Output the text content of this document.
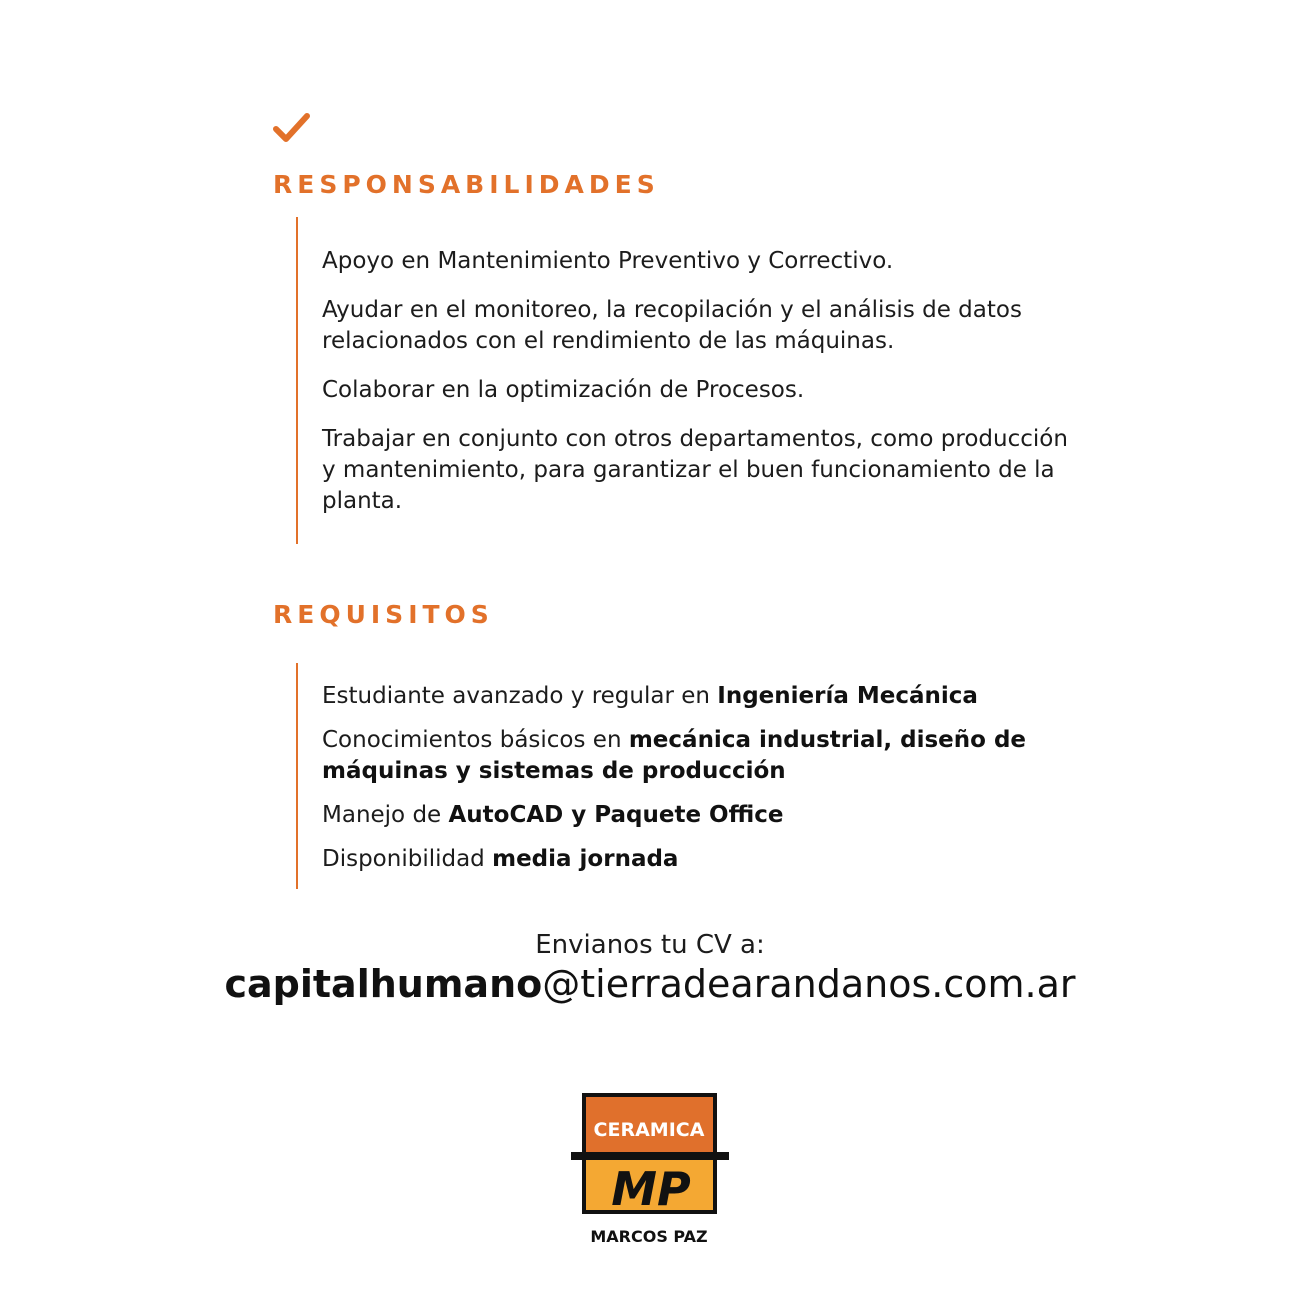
RESPONSABILIDADES
Apoyo en Mantenimiento Preventivo y Correctivo.
Ayudar en el monitoreo, la recopilación y el análisis de datos relacionados con el rendimiento de las máquinas.
Colaborar en la optimización de Procesos.
Trabajar en conjunto con otros departamentos, como producción y mantenimiento, para garantizar el buen funcionamiento de la planta.
REQUISITOS
Estudiante avanzado y regular en Ingeniería Mecánica
Conocimientos básicos en mecánica industrial, diseño de máquinas y sistemas de producción
Manejo de AutoCAD y Paquete Office
Disponibilidad media jornada
Envianos tu CV a:
capitalhumano@tierradearandanos.com.ar
CERAMICA
MP
MARCOS PAZ
